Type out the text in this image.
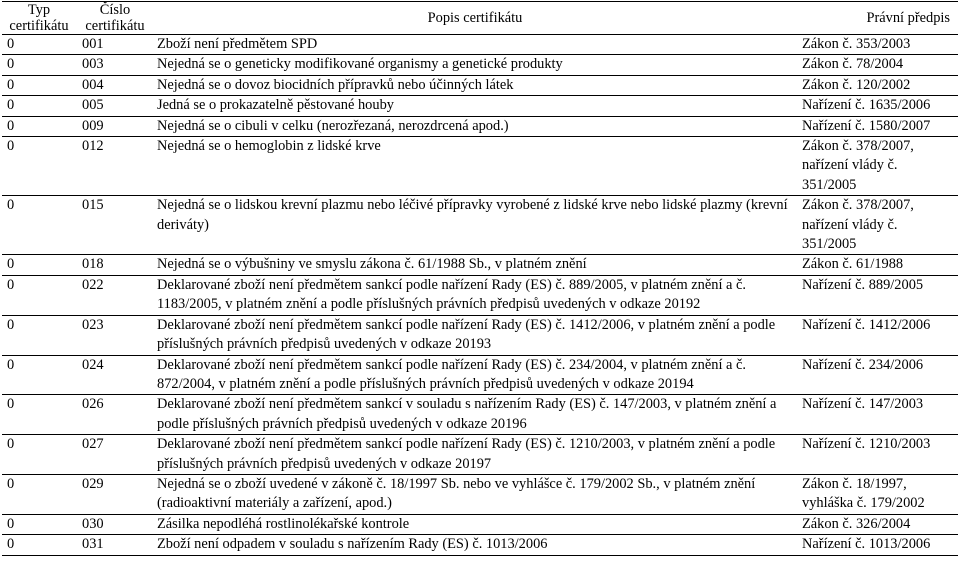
Typ certifikátu	Číslo certifikátu	Popis certifikátu	Právní předpis
0	001	Zboží není předmětem SPD	Zákon č. 353/2003
0	003	Nejedná se o geneticky modifikované organismy a genetické produkty	Zákon č. 78/2004
0	004	Nejedná se o dovoz biocidních přípravků nebo účinných látek	Zákon č. 120/2002
0	005	Jedná se o prokazatelně pěstované houby	Nařízení č. 1635/2006
0	009	Nejedná se o cibuli v celku (nerozřezaná, nerozdrcená apod.)	Nařízení č. 1580/2007
0	012	Nejedná se o hemoglobin z lidské krve	Zákon č. 378/2007, nařízení vlády č. 351/2005
0	015	Nejedná se o lidskou krevní plazmu nebo léčivé přípravky vyrobené z lidské krve nebo lidské plazmy (krevní deriváty)	Zákon č. 378/2007, nařízení vlády č. 351/2005
0	018	Nejedná se o výbušniny ve smyslu zákona č. 61/1988 Sb., v platném znění	Zákon č. 61/1988
0	022	Deklarované zboží není předmětem sankcí podle nařízení Rady (ES) č. 889/2005, v platném znění a č. 1183/2005, v platném znění a podle příslušných právních předpisů uvedených v odkaze 20192	Nařízení č. 889/2005
0	023	Deklarované zboží není předmětem sankcí podle nařízení Rady (ES) č. 1412/2006, v platném znění a podle příslušných právních předpisů uvedených v odkaze 20193	Nařízení č. 1412/2006
0	024	Deklarované zboží není předmětem sankcí podle nařízení Rady (ES) č. 234/2004, v platném znění a č. 872/2004, v platném znění a podle příslušných právních předpisů uvedených v odkaze 20194	Nařízení č. 234/2006
0	026	Deklarované zboží není předmětem sankcí v souladu s nařízením Rady (ES) č. 147/2003, v platném znění a podle příslušných právních předpisů uvedených v odkaze 20196	Nařízení č. 147/2003
0	027	Deklarované zboží není předmětem sankcí podle nařízení Rady (ES) č. 1210/2003, v platném znění a podle příslušných právních předpisů uvedených v odkaze 20197	Nařízení č. 1210/2003
0	029	Nejedná se o zboží uvedené v zákoně č. 18/1997 Sb. nebo ve vyhlášce č. 179/2002 Sb., v platném znění (radioaktivní materiály a zařízení, apod.)	Zákon č. 18/1997, vyhláška č. 179/2002
0	030	Zásilka nepodléhá rostlinolékařské kontrole	Zákon č. 326/2004
0	031	Zboží není odpadem v souladu s nařízením Rady (ES) č. 1013/2006	Nařízení č. 1013/2006
